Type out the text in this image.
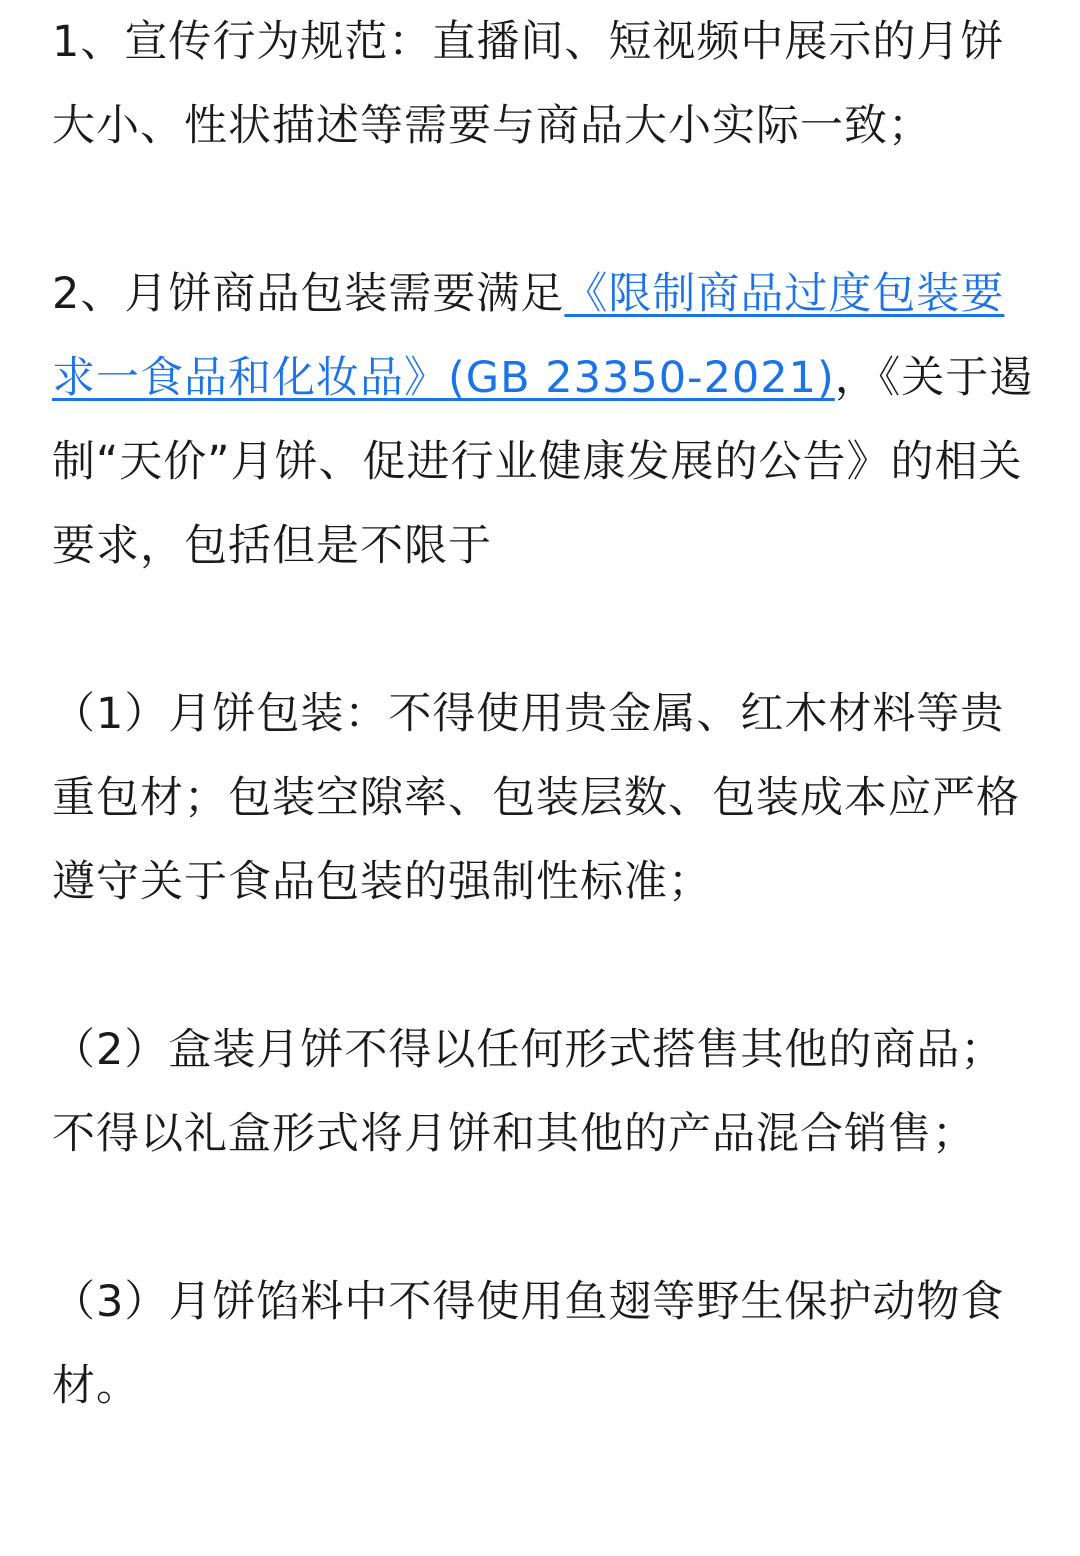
1、宣传行为规范：直播间、短视频中展示的月饼大小、性状描述等需要与商品大小实际一致；

2、月饼商品包装需要满足《限制商品过度包装要求一食品和化妆品》(GB 23350-2021)，《关于遏制“天价”月饼、促进行业健康发展的公告》的相关要求，包括但是不限于

（1）月饼包装：不得使用贵金属、红木材料等贵重包材；包装空隙率、包装层数、包装成本应严格遵守关于食品包装的强制性标准；

（2）盒装月饼不得以任何形式搭售其他的商品；不得以礼盒形式将月饼和其他的产品混合销售；

（3）月饼馅料中不得使用鱼翅等野生保护动物食材。
